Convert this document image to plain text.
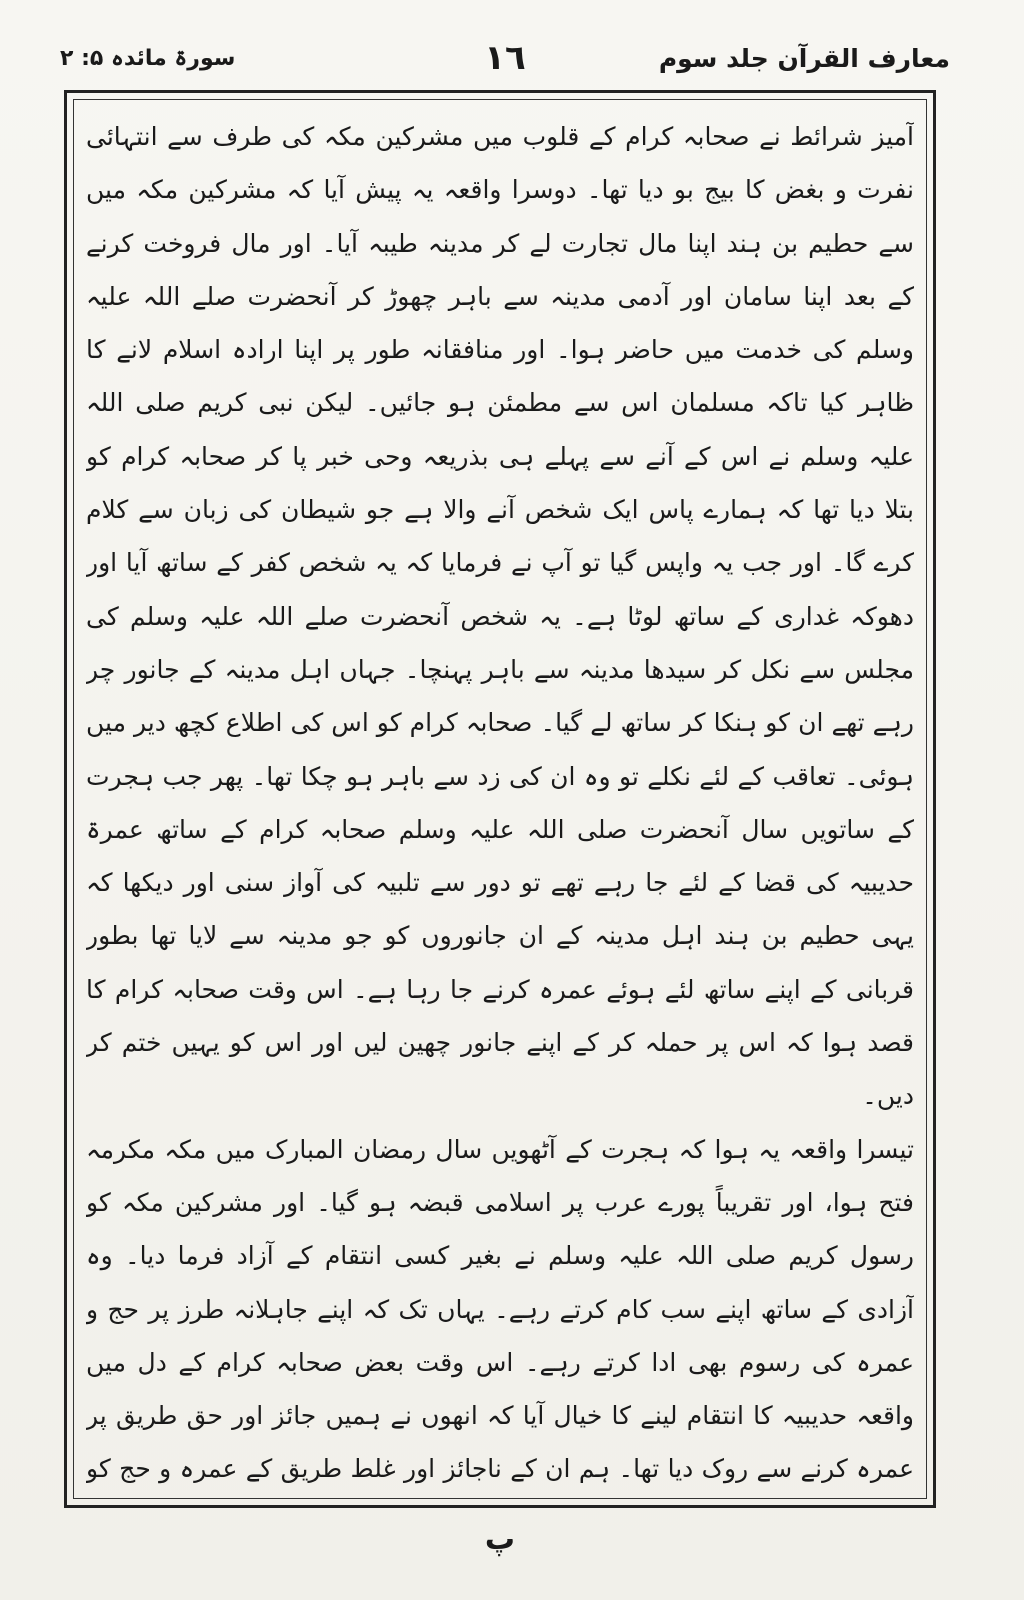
معارف القرآن جلد سوم
١٦
سورۃ مائدہ ۵: ۲

آمیز شرائط نے صحابہ کرام کے قلوب میں مشرکین مکہ کی طرف سے انتہائی نفرت و بغض کا بیج بو دیا تھا۔ دوسرا واقعہ یہ پیش آیا کہ مشرکین مکہ میں سے حطیم بن ہند اپنا مال تجارت لے کر مدینہ طیبہ آیا۔ اور مال فروخت کرنے کے بعد اپنا سامان اور آدمی مدینہ سے باہر چھوڑ کر آنحضرت صلے اللہ علیہ وسلم کی خدمت میں حاضر ہوا۔ اور منافقانہ طور پر اپنا ارادہ اسلام لانے کا ظاہر کیا تاکہ مسلمان اس سے مطمئن ہو جائیں۔ لیکن نبی کریم صلی اللہ علیہ وسلم نے اس کے آنے سے پہلے ہی بذریعہ وحی خبر پا کر صحابہ کرام کو بتلا دیا تھا کہ ہمارے پاس ایک شخص آنے والا ہے جو شیطان کی زبان سے کلام کرے گا۔ اور جب یہ واپس گیا تو آپ نے فرمایا کہ یہ شخص کفر کے ساتھ آیا اور دھوکہ غداری کے ساتھ لوٹا ہے۔ یہ شخص آنحضرت صلے اللہ علیہ وسلم کی مجلس سے نکل کر سیدھا مدینہ سے باہر پہنچا۔ جہاں اہل مدینہ کے جانور چر رہے تھے ان کو ہنکا کر ساتھ لے گیا۔ صحابہ کرام کو اس کی اطلاع کچھ دیر میں ہوئی۔ تعاقب کے لئے نکلے تو وہ ان کی زد سے باہر ہو چکا تھا۔ پھر جب ہجرت کے ساتویں سال آنحضرت صلی اللہ علیہ وسلم صحابہ کرام کے ساتھ عمرۃ حدیبیہ کی قضا کے لئے جا رہے تھے تو دور سے تلبیہ کی آواز سنی اور دیکھا کہ یہی حطیم بن ہند اہل مدینہ کے ان جانوروں کو جو مدینہ سے لایا تھا بطور قربانی کے اپنے ساتھ لئے ہوئے عمرہ کرنے جا رہا ہے۔ اس وقت صحابہ کرام کا قصد ہوا کہ اس پر حملہ کر کے اپنے جانور چھین لیں اور اس کو یہیں ختم کر دیں۔

تیسرا واقعہ یہ ہوا کہ ہجرت کے آٹھویں سال رمضان المبارک میں مکہ مکرمہ فتح ہوا، اور تقریباً پورے عرب پر اسلامی قبضہ ہو گیا۔ اور مشرکین مکہ کو رسول کریم صلی اللہ علیہ وسلم نے بغیر کسی انتقام کے آزاد فرما دیا۔ وہ آزادی کے ساتھ اپنے سب کام کرتے رہے۔ یہاں تک کہ اپنے جاہلانہ طرز پر حج و عمرہ کی رسوم بھی ادا کرتے رہے۔ اس وقت بعض صحابہ کرام کے دل میں واقعہ حدیبیہ کا انتقام لینے کا خیال آیا کہ انھوں نے ہمیں جائز اور حق طریق پر عمرہ کرنے سے روک دیا تھا۔ ہم ان کے ناجائز اور غلط طریق کے عمرہ و حج کو

پ
